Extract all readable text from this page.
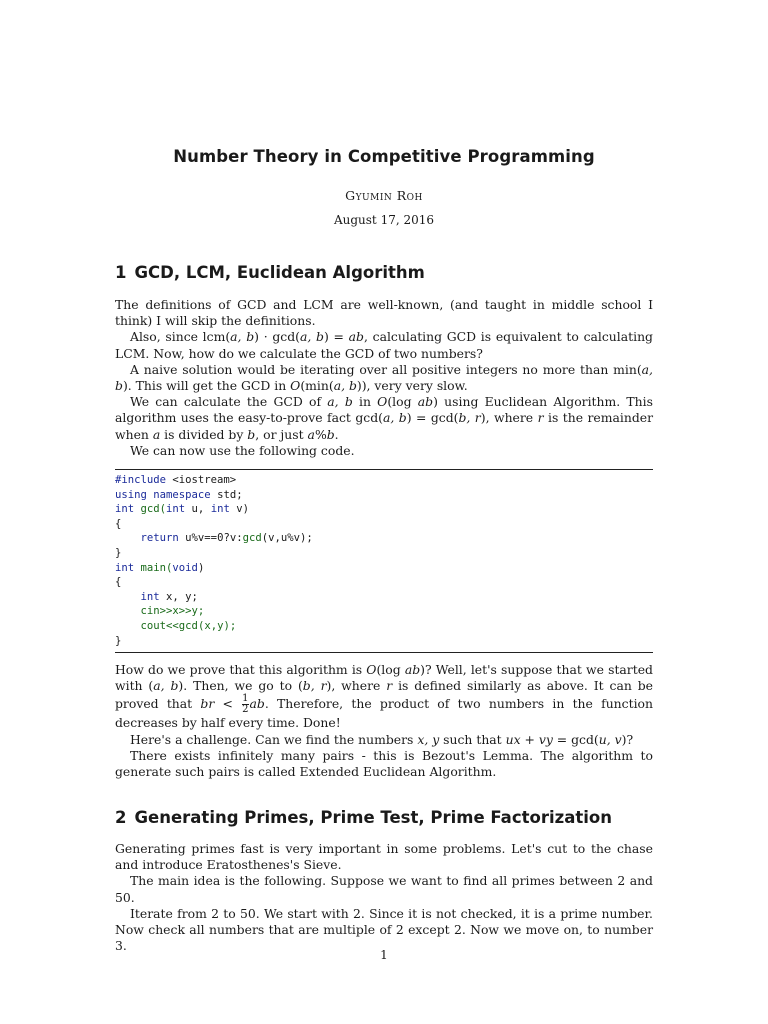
Number Theory in Competitive Programming
Gyumin Roh
August 17, 2016
1 GCD, LCM, Euclidean Algorithm

The definitions of GCD and LCM are well-known, (and taught in middle school I think) I will skip the definitions.

Also, since lcm(a, b) · gcd(a, b) = ab, calculating GCD is equivalent to calculating LCM. Now, how do we calculate the GCD of two numbers?

A naive solution would be iterating over all positive integers no more than min(a, b). This will get the GCD in O(min(a, b)), very very slow.

We can calculate the GCD of a, b in O(log ab) using Euclidean Algorithm. This algorithm uses the easy-to-prove fact gcd(a, b) = gcd(b, r), where r is the remainder when a is divided by b, or just a%b.

We can now use the following code.

#include <iostream>
using namespace std;
int gcd(int u, int v)
{
return u%v==0?v:gcd(v,u%v);
}
int main(void)
{
int x, y;
cin>>x>>y;
cout<<gcd(x,y);
}

How do we prove that this algorithm is O(log ab)? Well, let's suppose that we started with (a, b). Then, we go to (b, r), where r is defined similarly as above. It can be proved that br < $\frac{1}{2}$ ab. Therefore, the product of two numbers in the function decreases by half every time. Done!

Here's a challenge. Can we find the numbers x, y such that ux + vy = gcd(u, v)?

There exists infinitely many pairs - this is Bezout's Lemma. The algorithm to generate such pairs is called Extended Euclidean Algorithm.

2 Generating Primes, Prime Test, Prime Factorization

Generating primes fast is very important in some problems. Let's cut to the chase and introduce Eratosthenes's Sieve.

The main idea is the following. Suppose we want to find all primes between 2 and 50.

Iterate from 2 to 50. We start with 2. Since it is not checked, it is a prime number. Now check all numbers that are multiple of 2 except 2. Now we move on, to number 3.

1
